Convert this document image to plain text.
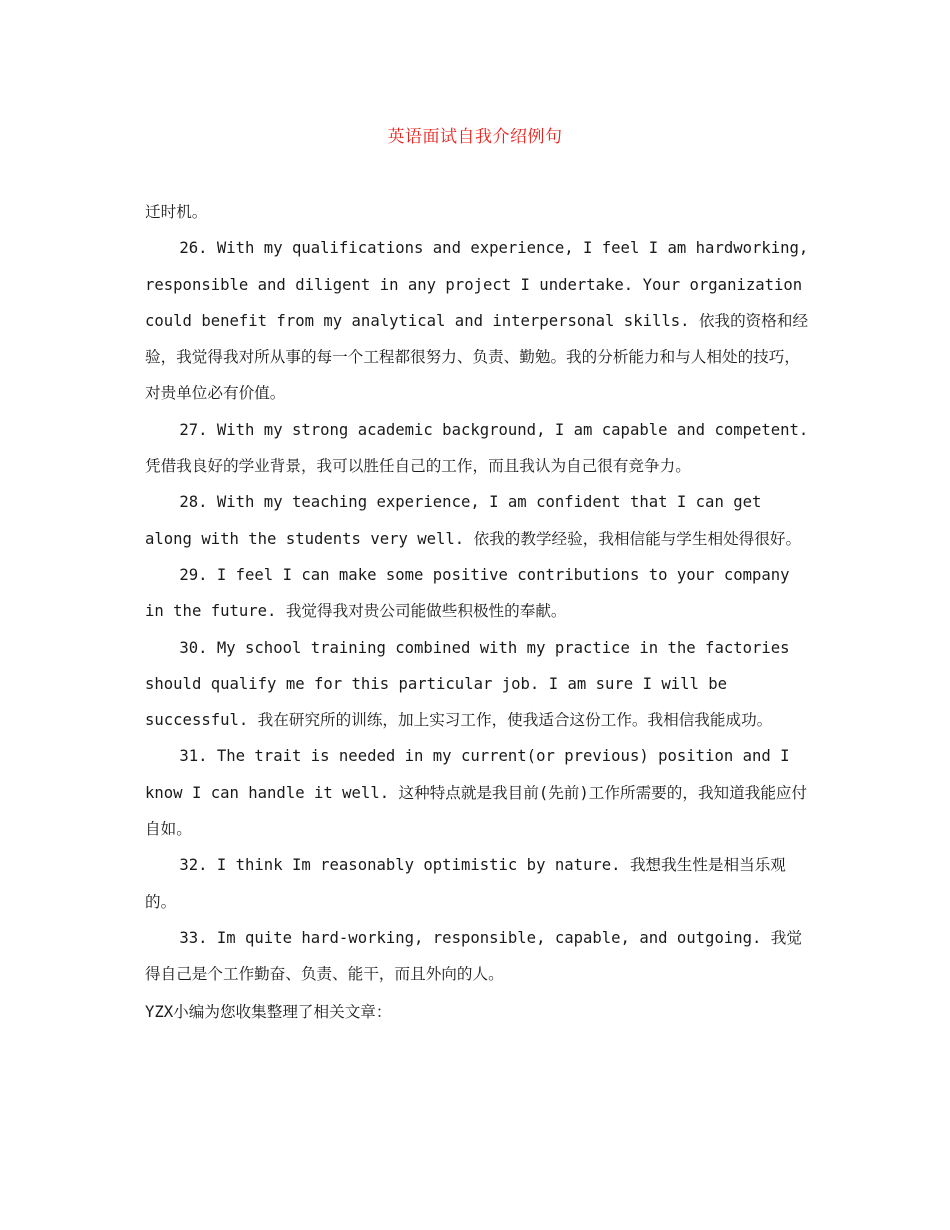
英语面试自我介绍例句

迁时机。

26. With my qualifications and experience, I feel I am hardworking, responsible and diligent in any project I undertake. Your organization could benefit from my analytical and interpersonal skills. 依我的资格和经验，我觉得我对所从事的每一个工程都很努力、负责、勤勉。我的分析能力和与人相处的技巧，对贵单位必有价值。

27. With my strong academic background, I am capable and competent. 凭借我良好的学业背景，我可以胜任自己的工作，而且我认为自己很有竞争力。

28. With my teaching experience, I am confident that I can get along with the students very well. 依我的教学经验，我相信能与学生相处得很好。

29. I feel I can make some positive contributions to your company in the future. 我觉得我对贵公司能做些积极性的奉献。

30. My school training combined with my practice in the factories should qualify me for this particular job. I am sure I will be successful. 我在研究所的训练，加上实习工作，使我适合这份工作。我相信我能成功。

31. The trait is needed in my current(or previous) position and I know I can handle it well. 这种特点就是我目前(先前)工作所需要的，我知道我能应付自如。

32. I think Im reasonably optimistic by nature. 我想我生性是相当乐观的。

33. Im quite hard-working, responsible, capable, and outgoing. 我觉得自己是个工作勤奋、负责、能干，而且外向的人。

YZX小编为您收集整理了相关文章：
